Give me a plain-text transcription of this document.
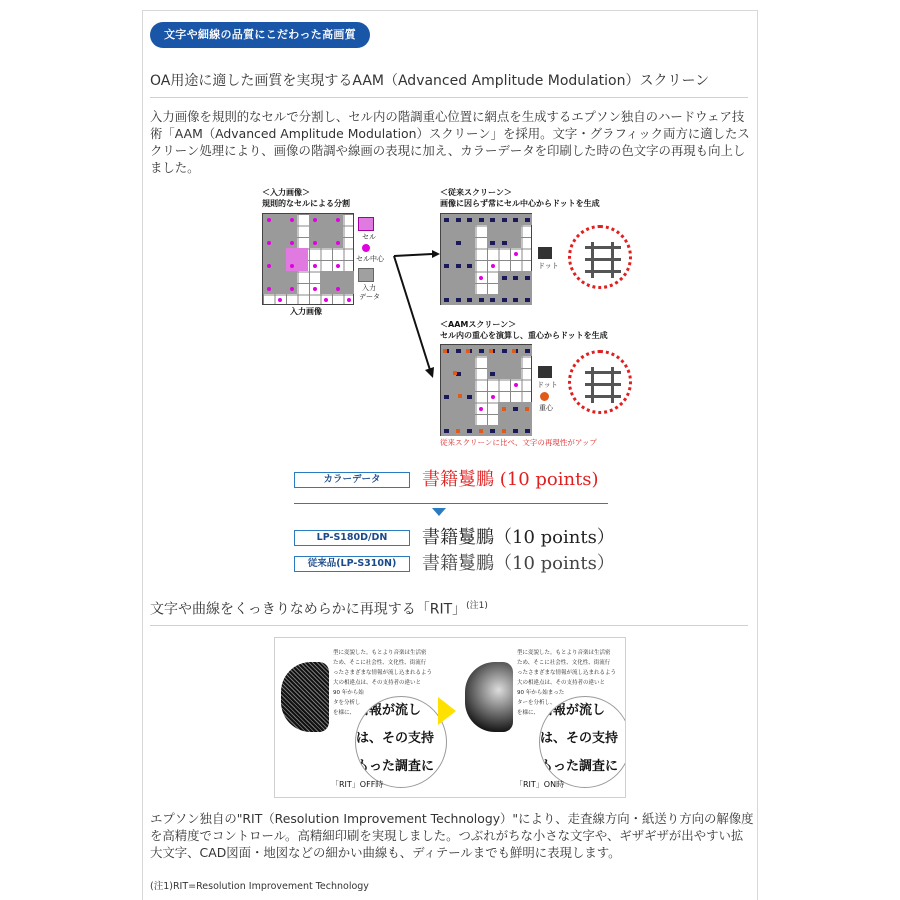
文字や細線の品質にこだわった高画質
OA用途に適した画質を実現するAAM（Advanced Amplitude Modulation）スクリーン
入力画像を規則的なセルで分割し、セル内の階調重心位置に網点を生成するエプソン独自のハードウェア技術「AAM（Advanced Amplitude Modulation）スクリーン」を採用。文字・グラフィック両方に適したスクリーン処理により、画像の階調や線画の表現に加え、カラーデータを印刷した時の色文字の再現も向上しました。
＜入力画像＞
規則的なセルによる分割
入力画像
セル
セル中心
入力
データ
＜従来スクリーン＞
画像に因らず常にセル中心からドットを生成
ドット
＜AAMスクリーン＞
セル内の重心を演算し、重心からドットを生成
ドット
重心
従来スクリーンに比べ、文字の再現性がアップ
カラーデータ	書籍鬘鵬 (10 points)
LP-S180D/DN	書籍鬘鵬（10 points）
従来品(LP-S310N)	書籍鬘鵬（10 points）
文字や曲線をくっきりなめらかに再現する「RIT」$^{(注1)}$
型に変貌した。もとより音楽は生活密
ため、そこに社会性、文化性、街流行
ったさまざまな情報が流し込まれるよう
大の相違点は、その支持者の違いと
90 年から始
タを分析し
を様に、 情報が流し
は、その支持
もった調査に
「RIT」OFF時
型に変貌した。もとより音楽は生活密
ため、そこに社会性、文化性、街流行
ったさまざまな情報が流し込まれるよう
大の相違点は、その支持者の違いと
90 年から始まった
ターを分析し、
を様に、 情報が流し
は、その支持
もった調査に
「RIT」ON時
エプソン独自の"RIT（Resolution Improvement Technology）"により、走査線方向・紙送り方向の解像度を高精度でコントロール。高精細印刷を実現しました。つぶれがちな小さな文字や、ギザギザが出やすい拡大文字、CAD図面・地図などの細かい曲線も、ディテールまでも鮮明に表現します。
(注1)RIT=Resolution Improvement Technology
